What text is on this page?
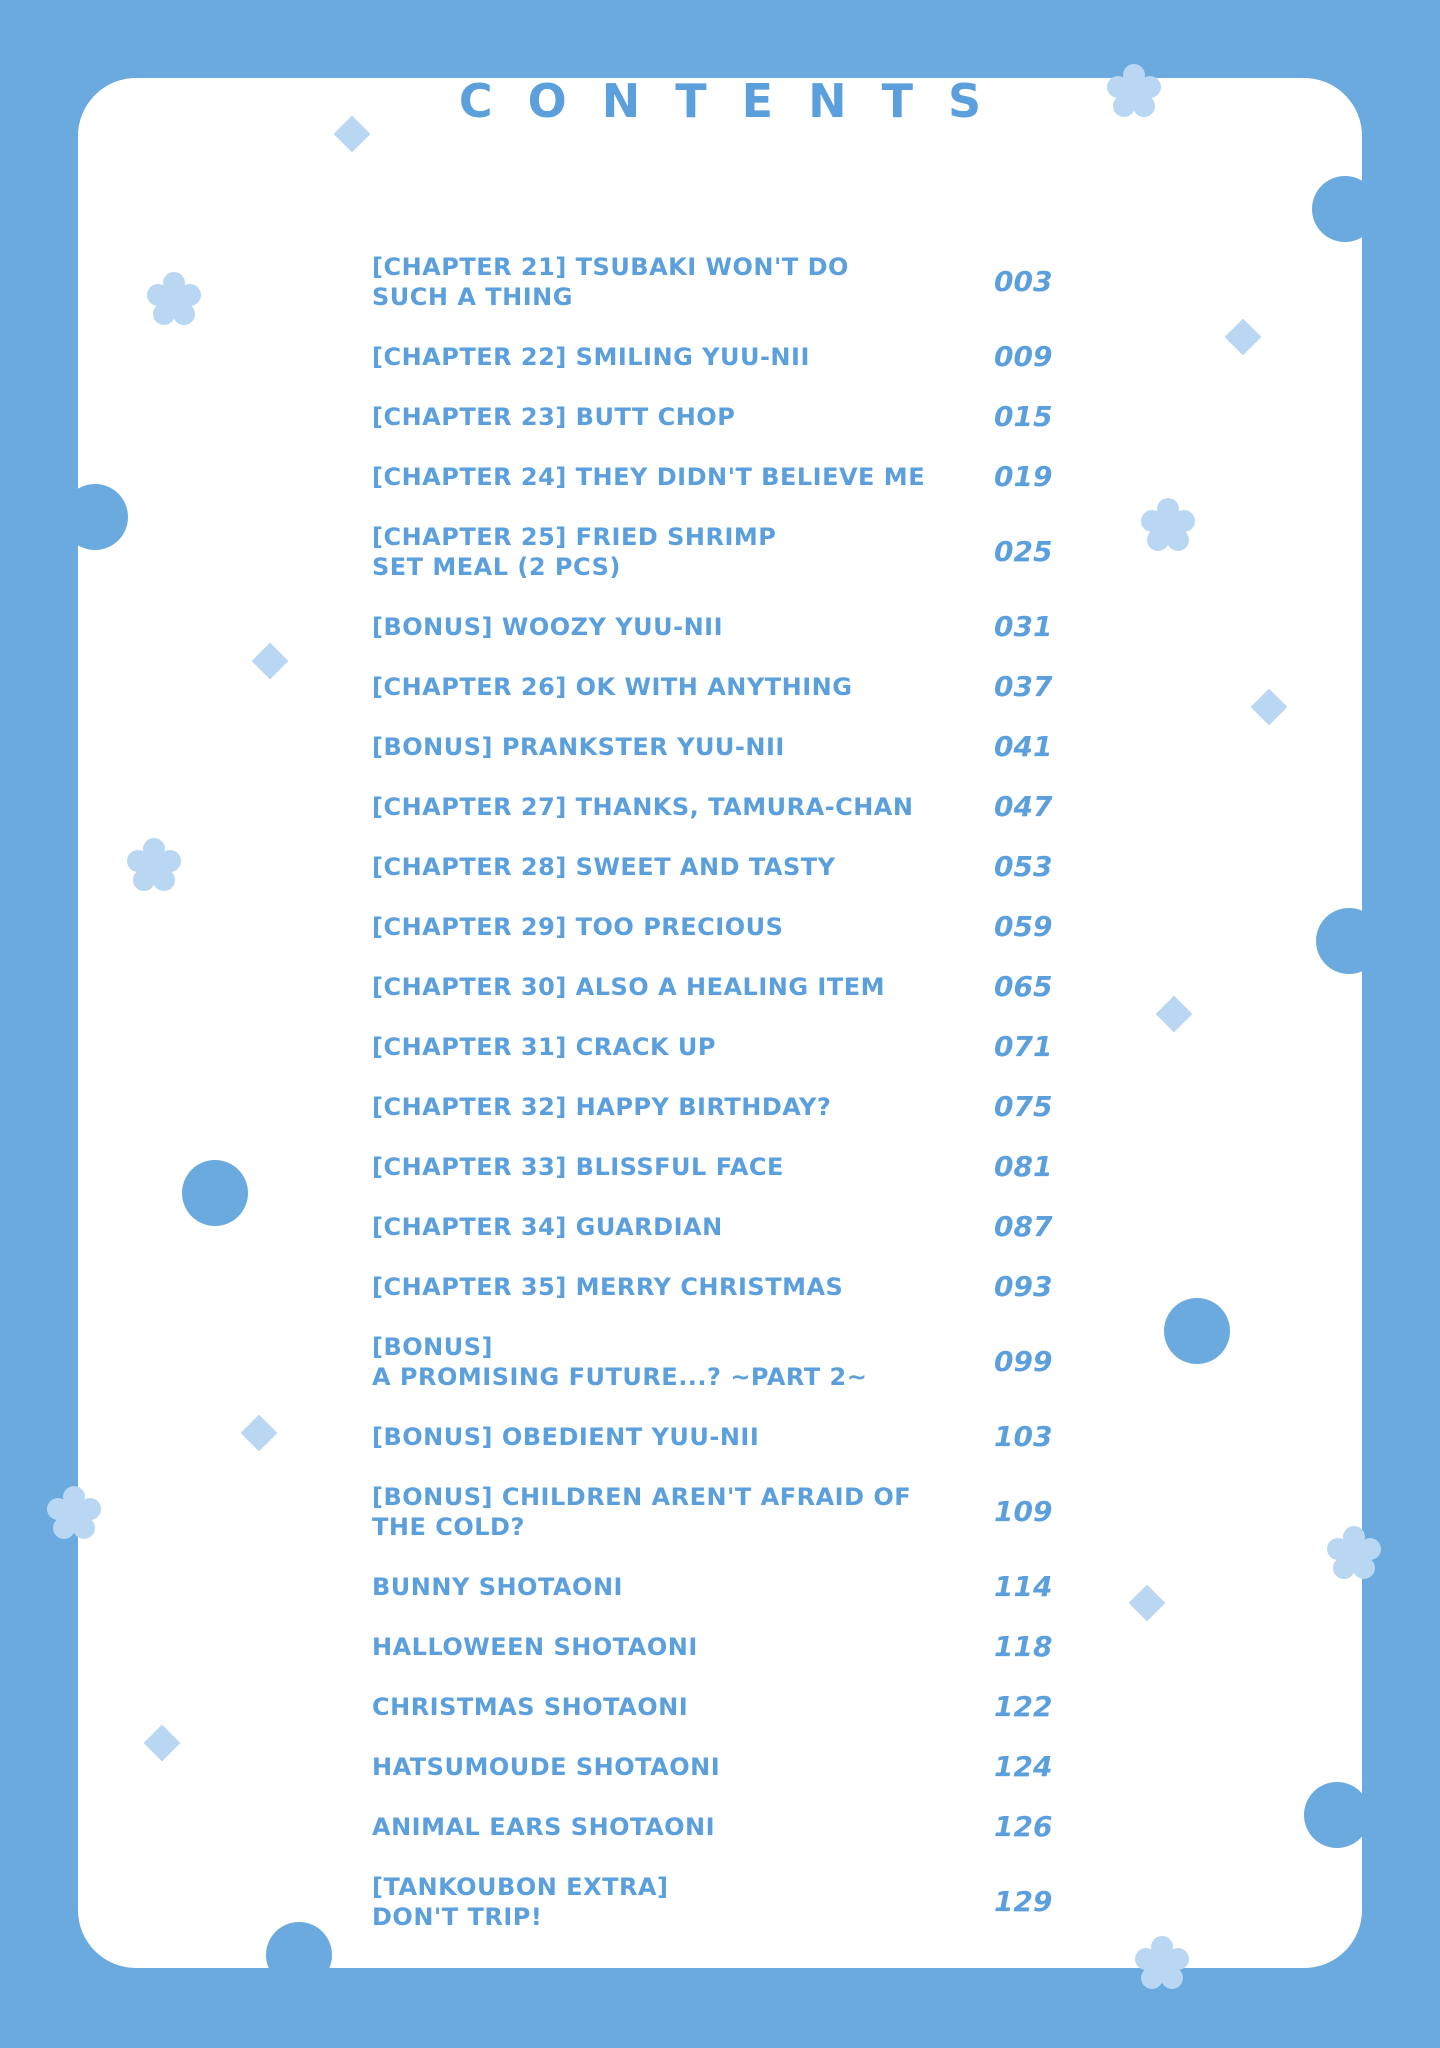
CONTENTS
[CHAPTER 21] TSUBAKI WON'T DO
SUCH A THING	003
[CHAPTER 22] SMILING YUU-NII	009
[CHAPTER 23] BUTT CHOP	015
[CHAPTER 24] THEY DIDN'T BELIEVE ME	019
[CHAPTER 25] FRIED SHRIMP
SET MEAL (2 PCS)	025
[BONUS] WOOZY YUU-NII	031
[CHAPTER 26] OK WITH ANYTHING	037
[BONUS] PRANKSTER YUU-NII	041
[CHAPTER 27] THANKS, TAMURA-CHAN	047
[CHAPTER 28] SWEET AND TASTY	053
[CHAPTER 29] TOO PRECIOUS	059
[CHAPTER 30] ALSO A HEALING ITEM	065
[CHAPTER 31] CRACK UP	071
[CHAPTER 32] HAPPY BIRTHDAY?	075
[CHAPTER 33] BLISSFUL FACE	081
[CHAPTER 34] GUARDIAN	087
[CHAPTER 35] MERRY CHRISTMAS	093
[BONUS]
A PROMISING FUTURE...? ~PART 2~	099
[BONUS] OBEDIENT YUU-NII	103
[BONUS] CHILDREN AREN'T AFRAID OF
THE COLD?	109
BUNNY SHOTAONI	114
HALLOWEEN SHOTAONI	118
CHRISTMAS SHOTAONI	122
HATSUMOUDE SHOTAONI	124
ANIMAL EARS SHOTAONI	126
[TANKOUBON EXTRA]
DON'T TRIP!	129
